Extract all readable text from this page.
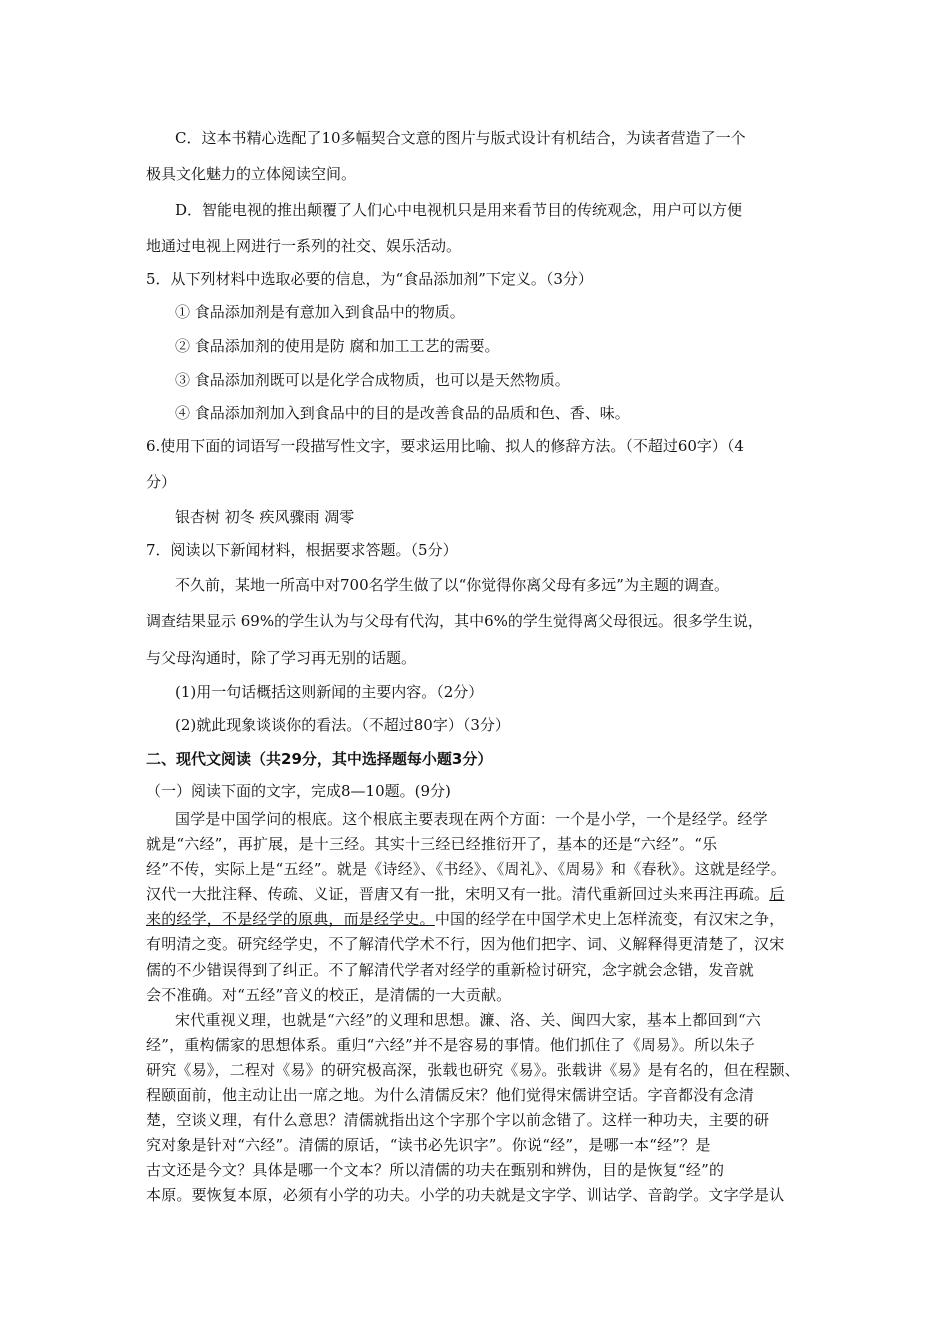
C．这本书精心选配了10多幅契合文意的图片与版式设计有机结合，为读者营造了一个
极具文化魅力的立体阅读空间。
D．智能电视的推出颠覆了人们心中电视机只是用来看节目的传统观念，用户可以方便
地通过电视上网进行一系列的社交、娱乐活动。
5．从下列材料中选取必要的信息，为“食品添加剂”下定义。（3分）
① 食品添加剂是有意加入到食品中的物质。
② 食品添加剂的使用是防 腐和加工工艺的需要。
③ 食品添加剂既可以是化学合成物质，也可以是天然物质。
④ 食品添加剂加入到食品中的目的是改善食品的品质和色、香、味。
6.使用下面的词语写一段描写性文字，要求运用比喻、拟人的修辞方法。（不超过60字）（4
分）
银杏树 初冬 疾风骤雨 凋零
7．阅读以下新闻材料，根据要求答题。（5分）
不久前，某地一所高中对700名学生做了以“你觉得你离父母有多远”为主题的调查。
调查结果显示 69%的学生认为与父母有代沟，其中6%的学生觉得离父母很远。很多学生说，
与父母沟通时，除了学习再无别的话题。
(1)用一句话概括这则新闻的主要内容。（2分）
(2)就此现象谈谈你的看法。（不超过80字）（3分）
二、现代文阅读（共29分，其中选择题每小题3分）
（一）阅读下面的文字，完成8—10题。(9分)
国学是中国学问的根底。这个根底主要表现在两个方面：一个是小学，一个是经学。经学
就是“六经”，再扩展，是十三经。其实十三经已经推衍开了，基本的还是“六经”。“乐
经”不传，实际上是“五经”。就是《诗经》、《书经》、《周礼》、《周易》和《春秋》。这就是经学。
汉代一大批注释、传疏、义证，晋唐又有一批，宋明又有一批。清代重新回过头来再注再疏。后
来的经学，不是经学的原典，而是经学史。中国的经学在中国学术史上怎样流变，有汉宋之争，
有明清之变。研究经学史，不了解清代学术不行，因为他们把字、词、义解释得更清楚了，汉宋
儒的不少错误得到了纠正。不了解清代学者对经学的重新检讨研究，念字就会念错，发音就
会不准确。对“五经”音义的校正，是清儒的一大贡献。
宋代重视义理，也就是“六经”的义理和思想。濂、洛、关、闽四大家，基本上都回到“六
经”，重构儒家的思想体系。重归“六经”并不是容易的事情。他们抓住了《周易》。所以朱子
研究《易》，二程对《易》的研究极高深，张载也研究《易》。张载讲《易》是有名的，但在程颢、
程颐面前，他主动让出一席之地。为什么清儒反宋？他们觉得宋儒讲空话。字音都没有念清
楚，空谈义理，有什么意思？清儒就指出这个字那个字以前念错了。这样一种功夫，主要的研
究对象是针对“六经”。清儒的原话，“读书必先识字”。你说“经”，是哪一本“经”？是
古文还是今文？具体是哪一个文本？所以清儒的功夫在甄别和辨伪，目的是恢复“经”的
本原。要恢复本原，必须有小学的功夫。小学的功夫就是文字学、训诂学、音韵学。文字学是认
